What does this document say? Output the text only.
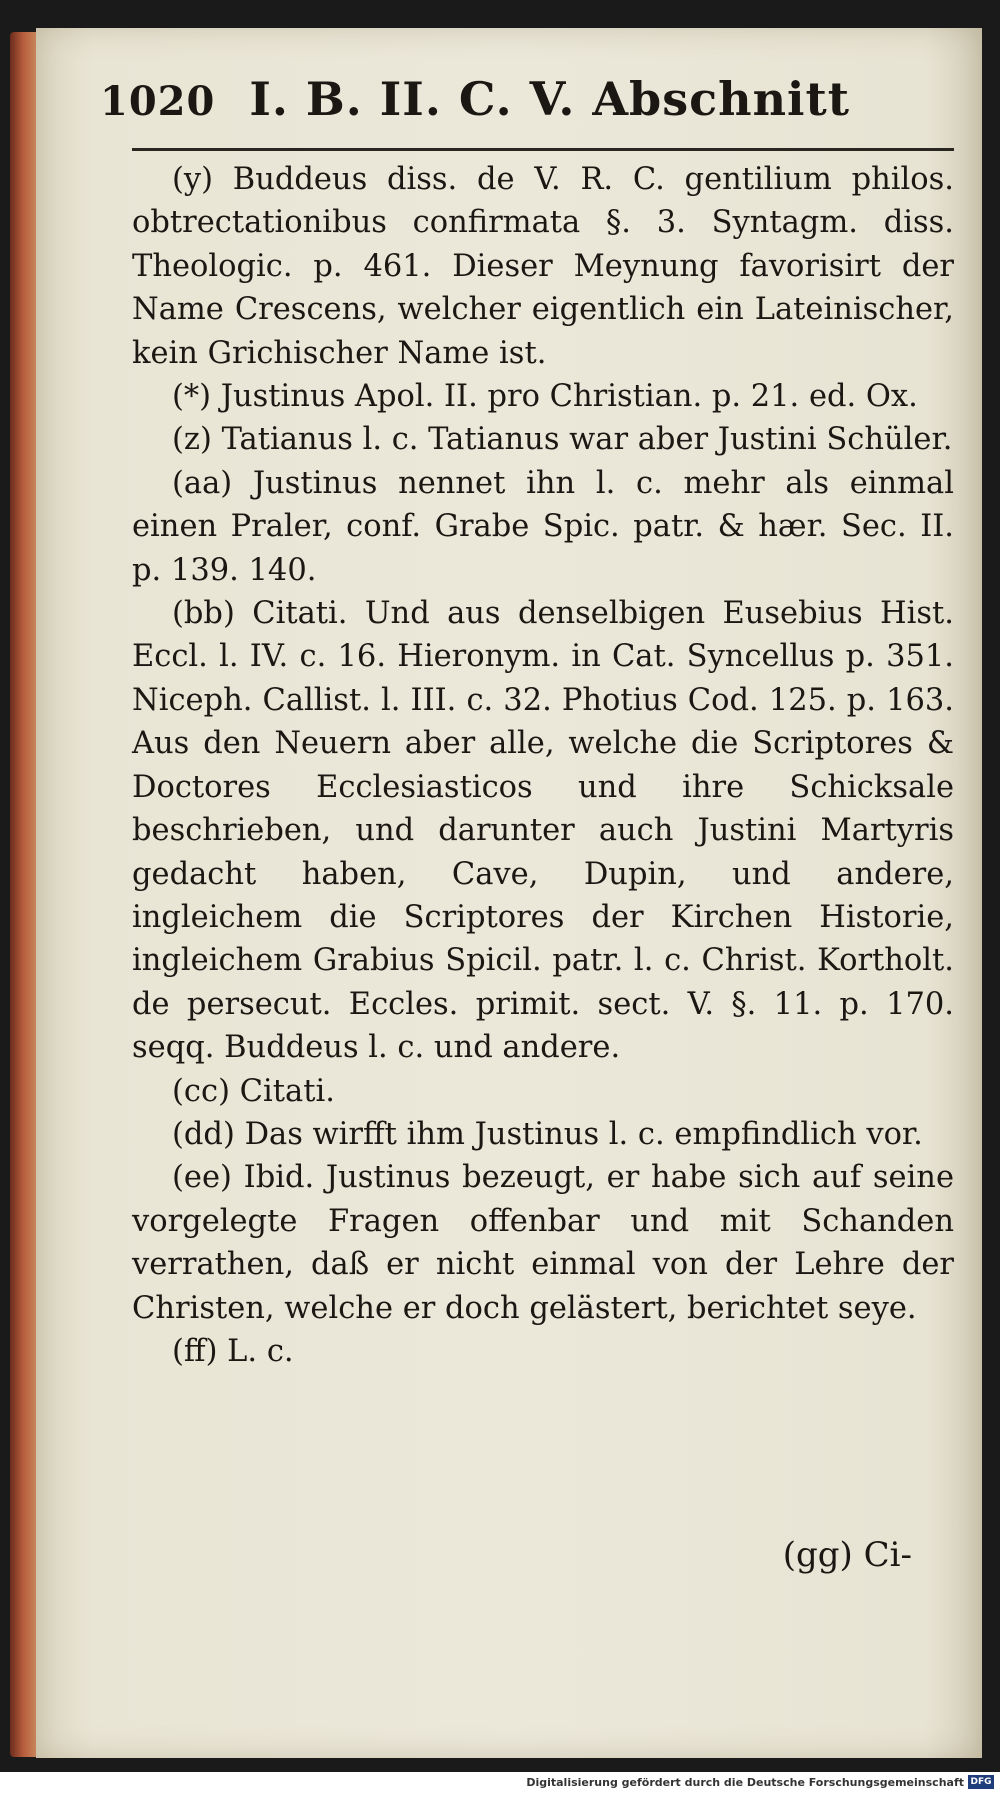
1020 I. B. II. C. V. Abschnitt

(y) Buddeus diss. de V. R. C. gentilium philos. obtrectationibus confirmata §. 3. Syntagm. diss. Theologic. p. 461. Dieser Meynung favorisirt der Name Crescens, welcher eigentlich ein Lateinischer, kein Grichischer Name ist.

(*) Justinus Apol. II. pro Christian. p. 21. ed. Ox.

(z) Tatianus l. c. Tatianus war aber Justini Schüler.

(aa) Justinus nennet ihn l. c. mehr als einmal einen Praler, conf. Grabe Spic. patr. & hær. Sec. II. p. 139. 140.

(bb) Citati. Und aus denselbigen Eusebius Hist. Eccl. l. IV. c. 16. Hieronym. in Cat. Syncellus p. 351. Niceph. Callist. l. III. c. 32. Photius Cod. 125. p. 163. Aus den Neuern aber alle, welche die Scriptores & Doctores Ecclesiasticos und ihre Schicksale beschrieben, und darunter auch Justini Martyris gedacht haben, Cave, Dupin, und andere, ingleichem die Scriptores der Kirchen Historie, ingleichem Grabius Spicil. patr. l. c. Christ. Kortholt. de persecut. Eccles. primit. sect. V. §. 11. p. 170. seqq. Buddeus l. c. und andere.

(cc) Citati.

(dd) Das wirfft ihm Justinus l. c. empfindlich vor.

(ee) Ibid. Justinus bezeugt, er habe sich auf seine vorgelegte Fragen offenbar und mit Schanden verrathen, daß er nicht einmal von der Lehre der Christen, welche er doch gelästert, berichtet seye.

(ff) L. c.

(gg) Ci-
Digitalisierung gefördert durch die Deutsche Forschungsgemeinschaft DFG
